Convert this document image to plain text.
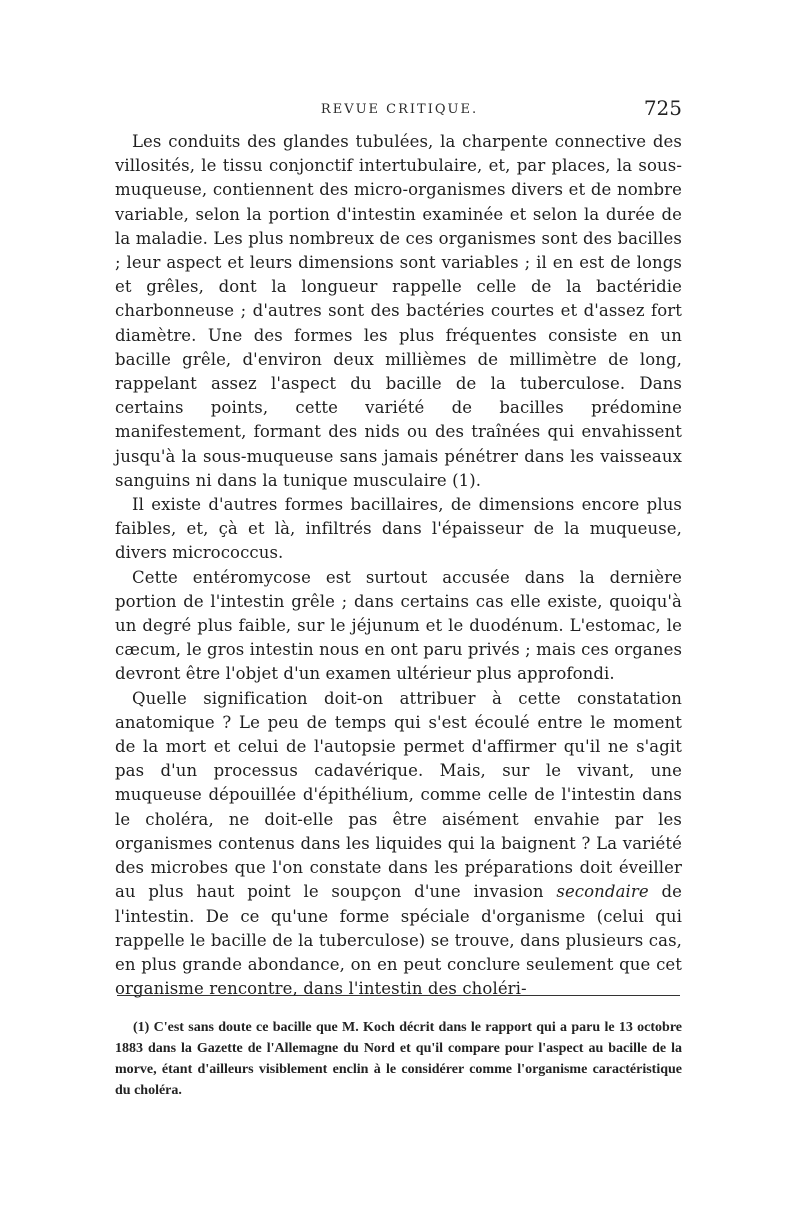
REVUE CRITIQUE.	725

Les conduits des glandes tubulées, la charpente connective des villosités, le tissu conjonctif intertubulaire, et, par places, la sous-muqueuse, contiennent des micro-organismes divers et de nombre variable, selon la portion d'intestin examinée et selon la durée de la maladie. Les plus nombreux de ces organismes sont des bacilles ; leur aspect et leurs dimensions sont variables ; il en est de longs et grêles, dont la longueur rappelle celle de la bactéridie charbonneuse ; d'autres sont des bactéries courtes et d'assez fort diamètre. Une des formes les plus fréquentes consiste en un bacille grêle, d'environ deux millièmes de millimètre de long, rappelant assez l'aspect du bacille de la tuberculose. Dans certains points, cette variété de bacilles prédomine manifestement, formant des nids ou des traînées qui envahissent jusqu'à la sous-muqueuse sans jamais pénétrer dans les vaisseaux sanguins ni dans la tunique musculaire (1).

Il existe d'autres formes bacillaires, de dimensions encore plus faibles, et, çà et là, infiltrés dans l'épaisseur de la muqueuse, divers micrococcus.

Cette entéromycose est surtout accusée dans la dernière portion de l'intestin grêle ; dans certains cas elle existe, quoiqu'à un degré plus faible, sur le jéjunum et le duodénum. L'estomac, le cæcum, le gros intestin nous en ont paru privés ; mais ces organes devront être l'objet d'un examen ultérieur plus approfondi.

Quelle signification doit-on attribuer à cette constatation anatomique ? Le peu de temps qui s'est écoulé entre le moment de la mort et celui de l'autopsie permet d'affirmer qu'il ne s'agit pas d'un processus cadavérique. Mais, sur le vivant, une muqueuse dépouillée d'épithélium, comme celle de l'intestin dans le choléra, ne doit-elle pas être aisément envahie par les organismes contenus dans les liquides qui la baignent ? La variété des microbes que l'on constate dans les préparations doit éveiller au plus haut point le soupçon d'une invasion secondaire de l'intestin. De ce qu'une forme spéciale d'organisme (celui qui rappelle le bacille de la tuberculose) se trouve, dans plusieurs cas, en plus grande abondance, on en peut conclure seulement que cet organisme rencontre, dans l'intestin des choléri-

(1) C'est sans doute ce bacille que M. Koch décrit dans le rapport qui a paru le 13 octobre 1883 dans la Gazette de l'Allemagne du Nord et qu'il compare pour l'aspect au bacille de la morve, étant d'ailleurs visiblement enclin à le considérer comme l'organisme caractéristique du choléra.
